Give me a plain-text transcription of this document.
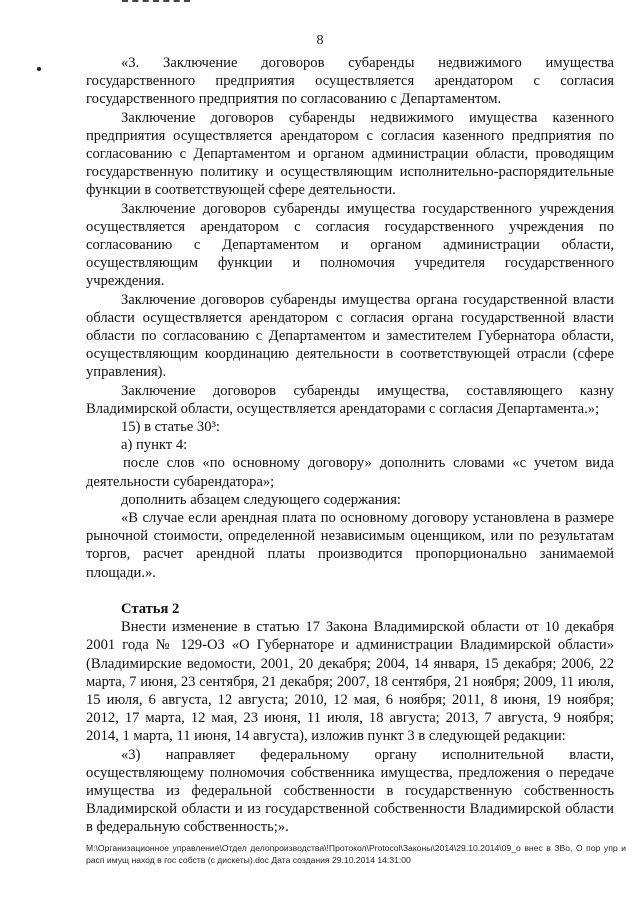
8

«3. Заключение договоров субаренды недвижимого имущества государственного предприятия осуществляется арендатором с согласия государственного предприятия по согласованию с Департаментом.

Заключение договоров субаренды недвижимого имущества казенного предприятия осуществляется арендатором с согласия казенного предприятия по согласованию с Департаментом и органом администрации области, проводящим государственную политику и осуществляющим исполнительно-распорядительные функции в соответствующей сфере деятельности.

Заключение договоров субаренды имущества государственного учреждения осуществляется арендатором с согласия государственного учреждения по согласованию с Департаментом и органом администрации области, осуществляющим функции и полномочия учредителя государственного учреждения.

Заключение договоров субаренды имущества органа государственной власти области осуществляется арендатором с согласия органа государственной власти области по согласованию с Департаментом и заместителем Губернатора области, осуществляющим координацию деятельности в соответствующей отрасли (сфере управления).

Заключение договоров субаренды имущества, составляющего казну Владимирской области, осуществляется арендаторами с согласия Департамента.»;

15) в статье 30³:

а) пункт 4:

после слов «по основному договору» дополнить словами «с учетом вида деятельности субарендатора»;

дополнить абзацем следующего содержания:

«В случае если арендная плата по основному договору установлена в размере рыночной стоимости, определенной независимым оценщиком, или по результатам торгов, расчет арендной платы производится пропорционально занимаемой площади.».

Статья 2

Внести изменение в статью 17 Закона Владимирской области от 10 декабря 2001 года № 129-ОЗ «О Губернаторе и администрации Владимирской области» (Владимирские ведомости, 2001, 20 декабря; 2004, 14 января, 15 декабря; 2006, 22 марта, 7 июня, 23 сентября, 21 декабря; 2007, 18 сентября, 21 ноября; 2009, 11 июля, 15 июля, 6 августа, 12 августа; 2010, 12 мая, 6 ноября; 2011, 8 июня, 19 ноября; 2012, 17 марта, 12 мая, 23 июня, 11 июля, 18 августа; 2013, 7 августа, 9 ноября; 2014, 1 марта, 11 июня, 14 августа), изложив пункт 3 в следующей редакции:

«3) направляет федеральному органу исполнительной власти, осуществляющему полномочия собственника имущества, предложения о передаче имущества из федеральной собственности в государственную собственность Владимирской области и из государственной собственности Владимирской области в федеральную собственность;».

M:\Организационное управление\Отдел делопроизводства\!Протокол\Protocol\Законы\2014\29.10.2014\09_о внес в ЗВо, О пор упр и расп имущ наход в гос собств (с дискеты).doc Дата создания 29.10.2014 14:31:00
